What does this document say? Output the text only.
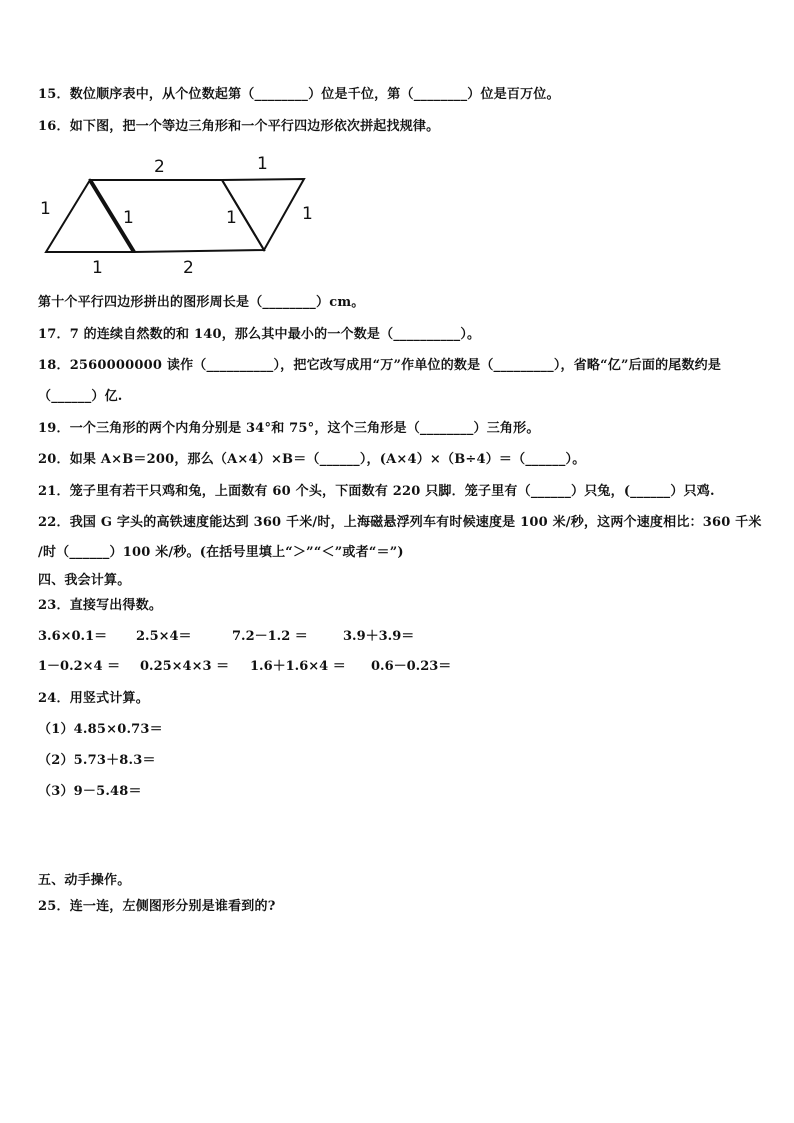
15．数位顺序表中，从个位数起第（________）位是千位，第（________）位是百万位。
16．如下图，把一个等边三角形和一个平行四边形依次拼起找规律。
1
1
2
1
2
1
1	1
第十个平行四边形拼出的图形周长是（________）cm。
17．7 的连续自然数的和 140，那么其中最小的一个数是（__________）。
18．2560000000 读作（__________），把它改写成用“万”作单位的数是（_________），省略“亿”后面的尾数约是
（______）亿.
19．一个三角形的两个内角分别是 34°和 75°，这个三角形是（________）三角形。
20．如果 A×B＝200，那么（A×4）×B＝（______），(A×4）×（B÷4）＝（______）。
21．笼子里有若干只鸡和兔，上面数有 60 个头，下面数有 220 只脚．笼子里有（______）只兔，(______）只鸡.
22．我国 G 字头的高铁速度能达到 360 千米/时，上海磁悬浮列车有时候速度是 100 米/秒，这两个速度相比：360 千米
/时（______）100 米/秒。(在括号里填上“＞”“＜”或者“＝”)
四、我会计算。
23．直接写出得数。
3.6×0.1＝ 2.5×4＝	7.2－1.2 ＝	3.9＋3.9＝
1－0.2×4 ＝ 0.25×4×3 ＝ 1.6＋1.6×4 ＝ 0.6－0.23＝
24．用竖式计算。
（1）4.85×0.73＝
（2）5.73＋8.3＝
（3）9－5.48＝
五、动手操作。
25．连一连，左侧图形分别是谁看到的?
